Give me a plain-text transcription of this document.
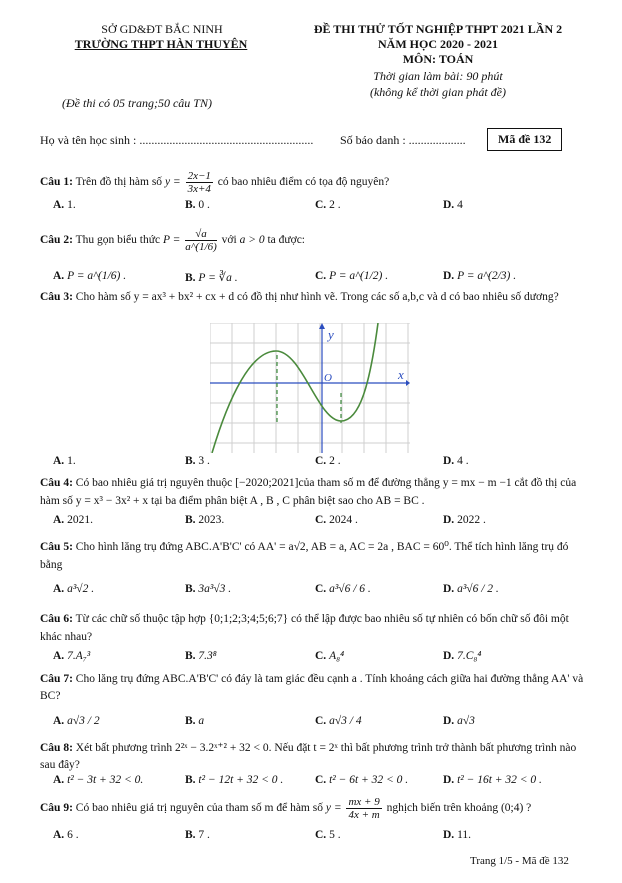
SỞ GD&ĐT BẮC NINH
TRƯỜNG THPT HÀN THUYÊN
ĐỀ THI THỬ TỐT NGHIỆP THPT 2021 LẦN 2
NĂM HỌC 2020 - 2021
MÔN: TOÁN
Thời gian làm bài: 90 phút
(không kể thời gian phát đề)
(Đề thi có 05 trang;50 câu TN)
Họ và tên học sinh : .......................................................... Số báo danh : ...................	Mã đề 132
Câu 1: Trên đồ thị hàm số $y = \frac{2x-1}{3x+4}$ có bao nhiêu điểm có tọa độ nguyên?
A. 1.	B. 0 .	C. 2 .	D. 4
Câu 2: Thu gọn biểu thức $P = \frac{√a}{a\^{}(1/6)}$ với a > 0 ta được:
A. P = a^(1/6) .	B. P = ∛a .	C. P = a^(1/2) .	D. P = a^(2/3) .
Câu 3: Cho hàm số y = ax³ + bx² + cx + d có đồ thị như hình vẽ. Trong các số a,b,c và d có bao nhiêu số dương?
y
x
O
A. 1.	B. 3 .	C. 2 .	D. 4 .
Câu 4: Có bao nhiêu giá trị nguyên thuộc [−2020;2021]của tham số m để đường thẳng y = mx − m −1 cắt đồ thị của hàm số y = x³ − 3x² + x tại ba điểm phân biệt A , B , C phân biệt sao cho AB = BC .
A. 2021.	B. 2023.	C. 2024 .	D. 2022 .
Câu 5: Cho hình lăng trụ đứng ABC.A'B'C' có AA' = a√2, AB = a, AC = 2a , BAC = 60⁰. Thể tích hình lăng trụ đó bằng
A. a³√2 .	B. 3a³√3 .	C. a³√6 / 6 .	D. a³√6 / 2 .
Câu 6: Từ các chữ số thuộc tập hợp {0;1;2;3;4;5;6;7} có thể lập được bao nhiêu số tự nhiên có bốn chữ số đôi một khác nhau?
A. 7.A₇³	B. 7.3⁸	C. A₈⁴	D. 7.C₈⁴
Câu 7: Cho lăng trụ đứng ABC.A'B'C' có đáy là tam giác đều cạnh a . Tính khoảng cách giữa hai đường thẳng AA' và BC?
A. a√3 / 2	B. a	C. a√3 / 4	D. a√3
Câu 8: Xét bất phương trình 2²ˣ − 3.2ˣ⁺² + 32 < 0. Nếu đặt t = 2ˣ thì bất phương trình trở thành bất phương trình nào sau đây?
A. t² − 3t + 32 < 0.	B. t² − 12t + 32 < 0 .	C. t² − 6t + 32 < 0 .	D. t² − 16t + 32 < 0 .
Câu 9: Có bao nhiêu giá trị nguyên của tham số m để hàm số $y = \frac{mx + 9}{4x + m}$ nghịch biến trên khoảng (0;4) ?
A. 6 .	B. 7 .	C. 5 .	D. 11.
Trang 1/5 - Mã đề 132
